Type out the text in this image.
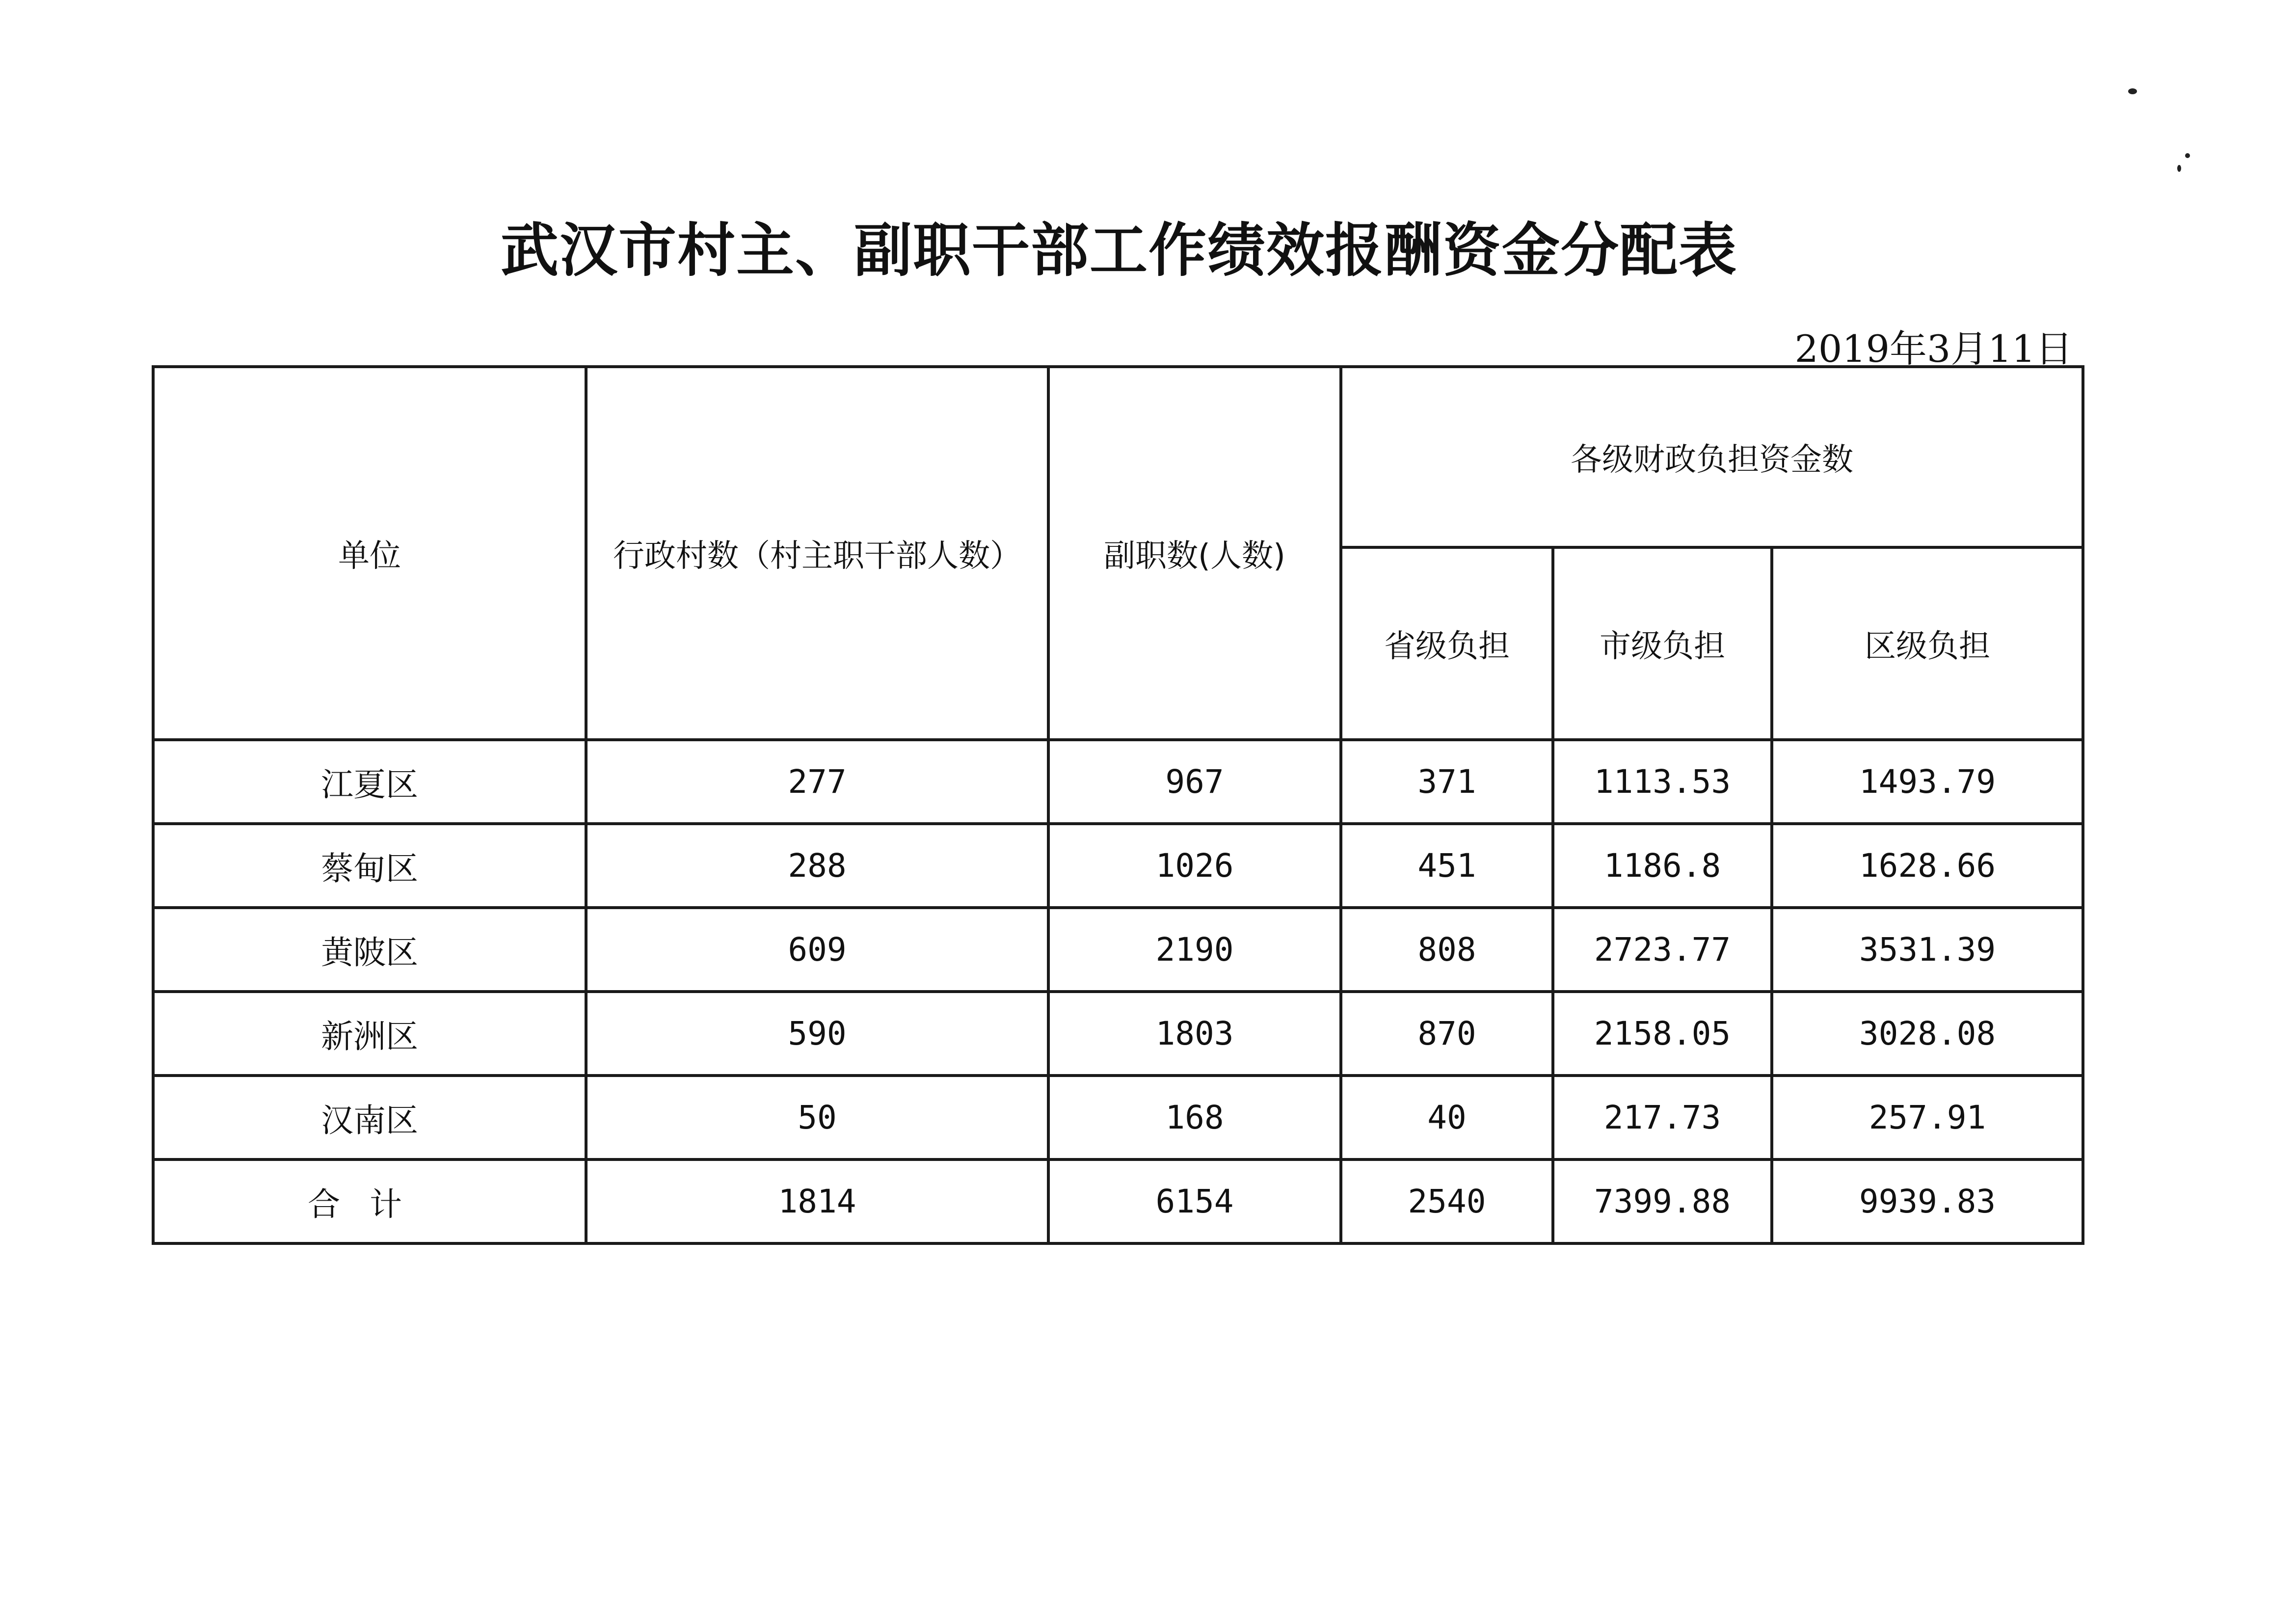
武汉市村主、副职干部工作绩效报酬资金分配表
2019年3月11日
单位	行政村数（村主职干部人数）	副职数(人数)	各级财政负担资金数		
			省级负担	市级负担	区级负担
江夏区	277	967	371	1113.53	1493.79
蔡甸区	288	1026	451	1186.8	1628.66
黄陂区	609	2190	808	2723.77	3531.39
新洲区	590	1803	870	2158.05	3028.08
汉南区	50	168	40	217.73	257.91
合计	1814	6154	2540	7399.88	9939.83
